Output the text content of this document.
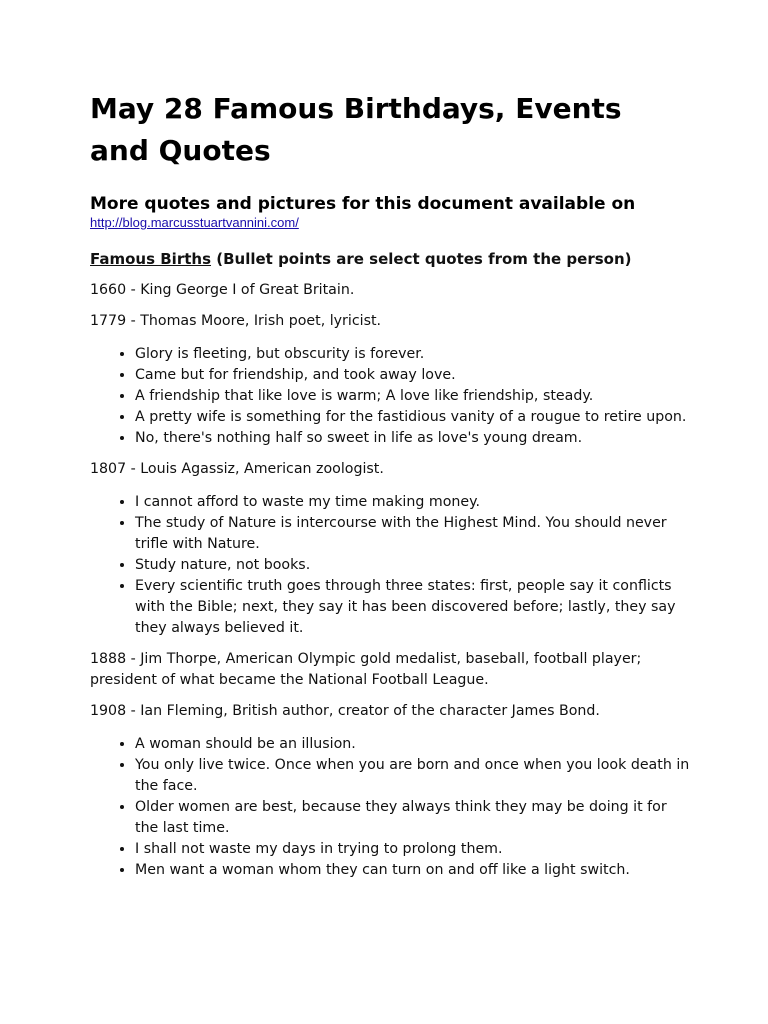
May 28 Famous Birthdays, Events and Quotes
More quotes and pictures for this document available on
http://blog.marcusstuartvannini.com/
Famous Births (Bullet points are select quotes from the person)

1660 - King George I of Great Britain.

1779 - Thomas Moore, Irish poet, lyricist.

• Glory is fleeting, but obscurity is forever.
• Came but for friendship, and took away love.
• A friendship that like love is warm; A love like friendship, steady.
• A pretty wife is something for the fastidious vanity of a rougue to retire upon.
• No, there's nothing half so sweet in life as love's young dream.

1807 - Louis Agassiz, American zoologist.

• I cannot afford to waste my time making money.
• The study of Nature is intercourse with the Highest Mind. You should never trifle with Nature.
• Study nature, not books.
• Every scientific truth goes through three states: first, people say it conflicts with the Bible; next, they say it has been discovered before; lastly, they say they always believed it.

1888 - Jim Thorpe, American Olympic gold medalist, baseball, football player; president of what became the National Football League.

1908 - Ian Fleming, British author, creator of the character James Bond.

• A woman should be an illusion.
• You only live twice. Once when you are born and once when you look death in the face.
• Older women are best, because they always think they may be doing it for the last time.
• I shall not waste my days in trying to prolong them.
• Men want a woman whom they can turn on and off like a light switch.
